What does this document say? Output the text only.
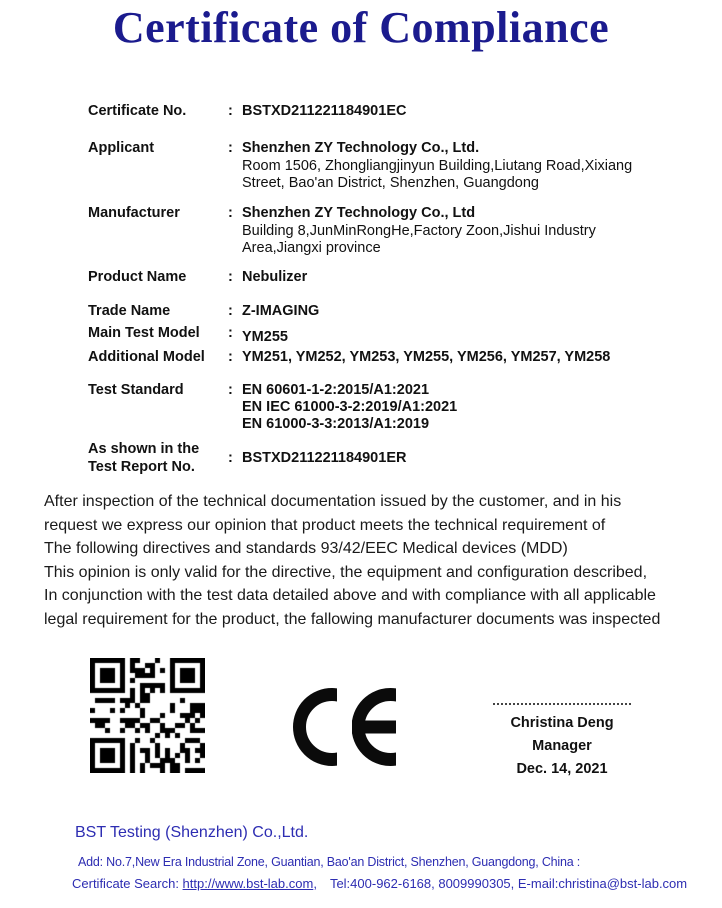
Certificate of Compliance
Certificate No.	: BSTXD211221184901EC
Applicant	: Shenzhen ZY Technology Co., Ltd.
Room 1506, Zhongliangjinyun Building,Liutang Road,Xixiang
Street, Bao'an District, Shenzhen, Guangdong
Manufacturer	: Shenzhen ZY Technology Co., Ltd
Building 8,JunMinRongHe,Factory Zoon,Jishui Industry
Area,Jiangxi province
Product Name	: Nebulizer
Trade Name	: Z-IMAGING
Main Test Model	: YM255
Additional Model	: YM251, YM252, YM253, YM255, YM256, YM257, YM258
Test Standard	: EN 60601-1-2:2015/A1:2021
EN IEC 61000-3-2:2019/A1:2021
EN 61000-3-3:2013/A1:2019
As shown in the
Test Report No.
: BSTXD211221184901ER
After inspection of the technical documentation issued by the customer, and in his
request we express our opinion that product meets the technical requirement of
The following directives and standards 93/42/EEC Medical devices (MDD)
This opinion is only valid for the directive, the equipment and configuration described,
In conjunction with the test data detailed above and with compliance with all applicable
legal requirement for the product, the fallowing manufacturer documents was inspected
Christina Deng
Manager
Dec. 14, 2021
BST Testing (Shenzhen) Co.,Ltd.
Add: No.7,New Era Industrial Zone, Guantian, Bao'an District, Shenzhen, Guangdong, China :
Certificate Search: http://www.bst-lab.com, Tel:400-962-6168, 8009990305, E-mail:christina@bst-lab.com
